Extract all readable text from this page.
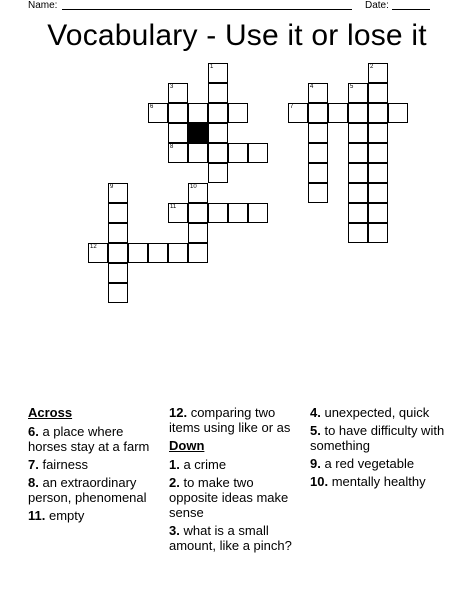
Name:	Date:
Vocabulary - Use it or lose it
1	2
3	4	5
6	7
8
9	10
11
12
Across
6. a place where horses stay at a farm
7. fairness
8. an extraordinary person, phenomenal
11. empty
12. comparing two items using like or as
Down
1. a crime
2. to make two opposite ideas make sense
3. what is a small amount, like a pinch?
4. unexpected, quick
5. to have difficulty with something
9. a red vegetable
10. mentally healthy
